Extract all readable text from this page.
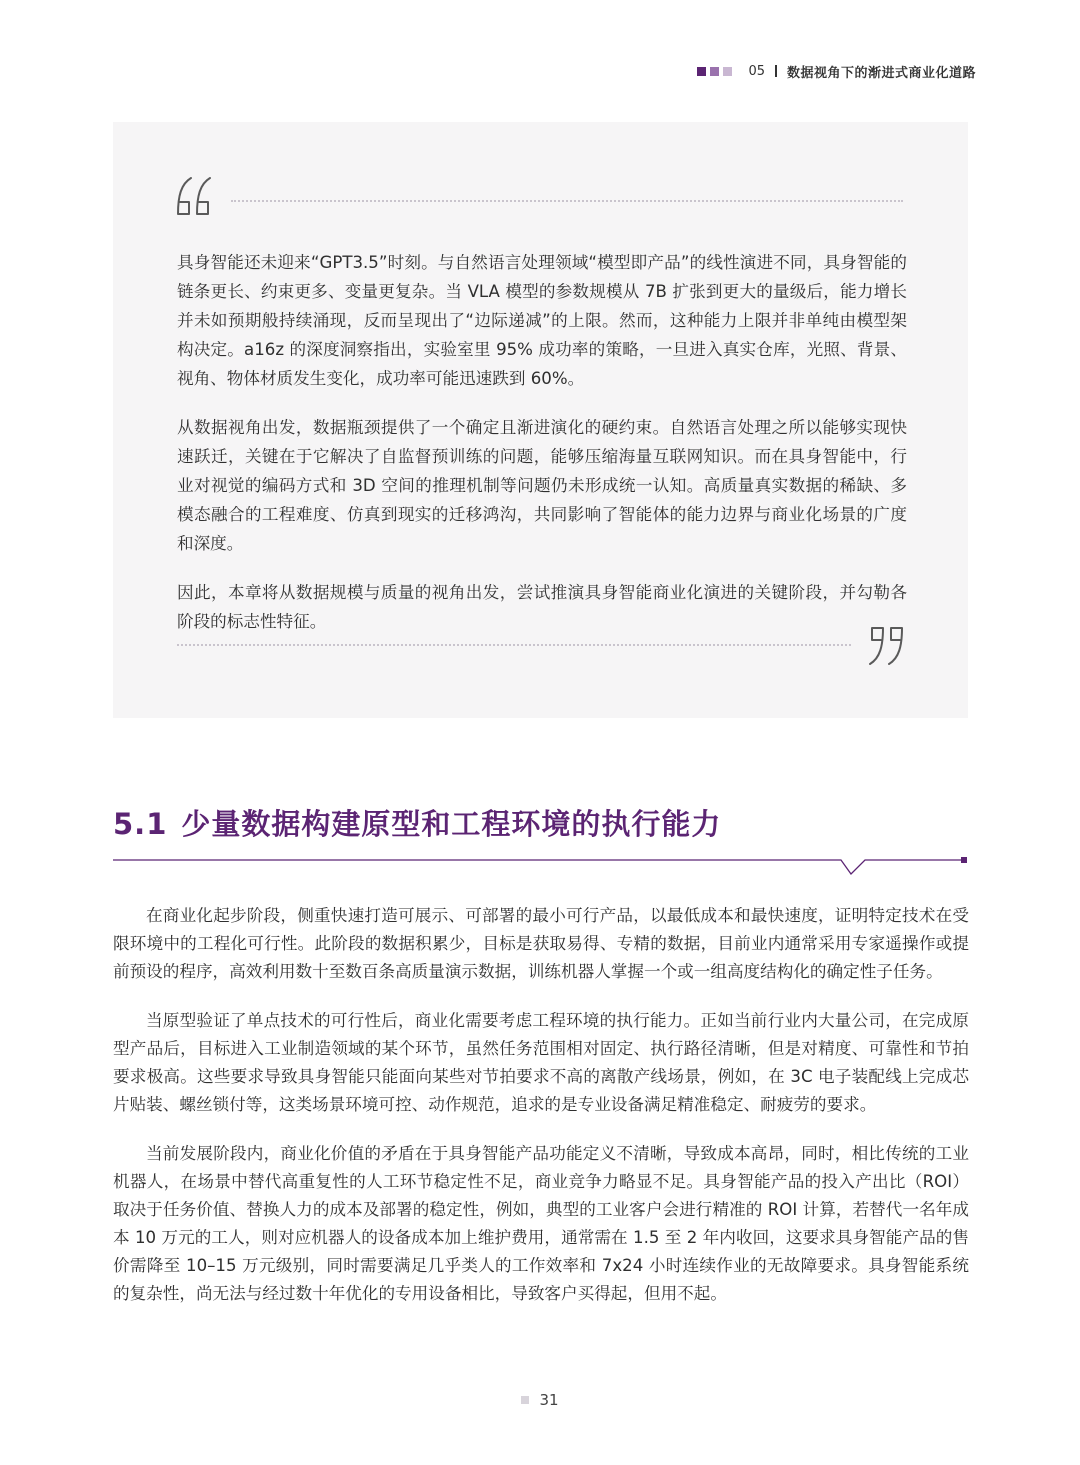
05 数据视角下的渐进式商业化道路

具身智能还未迎来“GPT3.5”时刻。与自然语言处理领域“模型即产品”的线性演进不同，具身智能的链条更长、约束更多、变量更复杂。当 VLA 模型的参数规模从 7B 扩张到更大的量级后，能力增长并未如预期般持续涌现，反而呈现出了“边际递减”的上限。然而，这种能力上限并非单纯由模型架构决定。a16z 的深度洞察指出，实验室里 95% 成功率的策略，一旦进入真实仓库，光照、背景、视角、物体材质发生变化，成功率可能迅速跌到 60%。

从数据视角出发，数据瓶颈提供了一个确定且渐进演化的硬约束。自然语言处理之所以能够实现快速跃迁，关键在于它解决了自监督预训练的问题，能够压缩海量互联网知识。而在具身智能中，行业对视觉的编码方式和 3D 空间的推理机制等问题仍未形成统一认知。高质量真实数据的稀缺、多模态融合的工程难度、仿真到现实的迁移鸿沟，共同影响了智能体的能力边界与商业化场景的广度和深度。

因此，本章将从数据规模与质量的视角出发，尝试推演具身智能商业化演进的关键阶段，并勾勒各阶段的标志性特征。

5.1 少量数据构建原型和工程环境的执行能力

在商业化起步阶段，侧重快速打造可展示、可部署的最小可行产品，以最低成本和最快速度，证明特定技术在受限环境中的工程化可行性。此阶段的数据积累少，目标是获取易得、专精的数据，目前业内通常采用专家遥操作或提前预设的程序，高效利用数十至数百条高质量演示数据，训练机器人掌握一个或一组高度结构化的确定性子任务。

当原型验证了单点技术的可行性后，商业化需要考虑工程环境的执行能力。正如当前行业内大量公司，在完成原型产品后，目标进入工业制造领域的某个环节，虽然任务范围相对固定、执行路径清晰，但是对精度、可靠性和节拍要求极高。这些要求导致具身智能只能面向某些对节拍要求不高的离散产线场景，例如，在 3C 电子装配线上完成芯片贴装、螺丝锁付等，这类场景环境可控、动作规范，追求的是专业设备满足精准稳定、耐疲劳的要求。

当前发展阶段内，商业化价值的矛盾在于具身智能产品功能定义不清晰，导致成本高昂，同时，相比传统的工业机器人，在场景中替代高重复性的人工环节稳定性不足，商业竞争力略显不足。具身智能产品的投入产出比（ROI）取决于任务价值、替换人力的成本及部署的稳定性，例如，典型的工业客户会进行精准的 ROI 计算，若替代一名年成本 10 万元的工人，则对应机器人的设备成本加上维护费用，通常需在 1.5 至 2 年内收回，这要求具身智能产品的售价需降至 10–15 万元级别，同时需要满足几乎类人的工作效率和 7x24 小时连续作业的无故障要求。具身智能系统的复杂性，尚无法与经过数十年优化的专用设备相比，导致客户买得起，但用不起。

31
